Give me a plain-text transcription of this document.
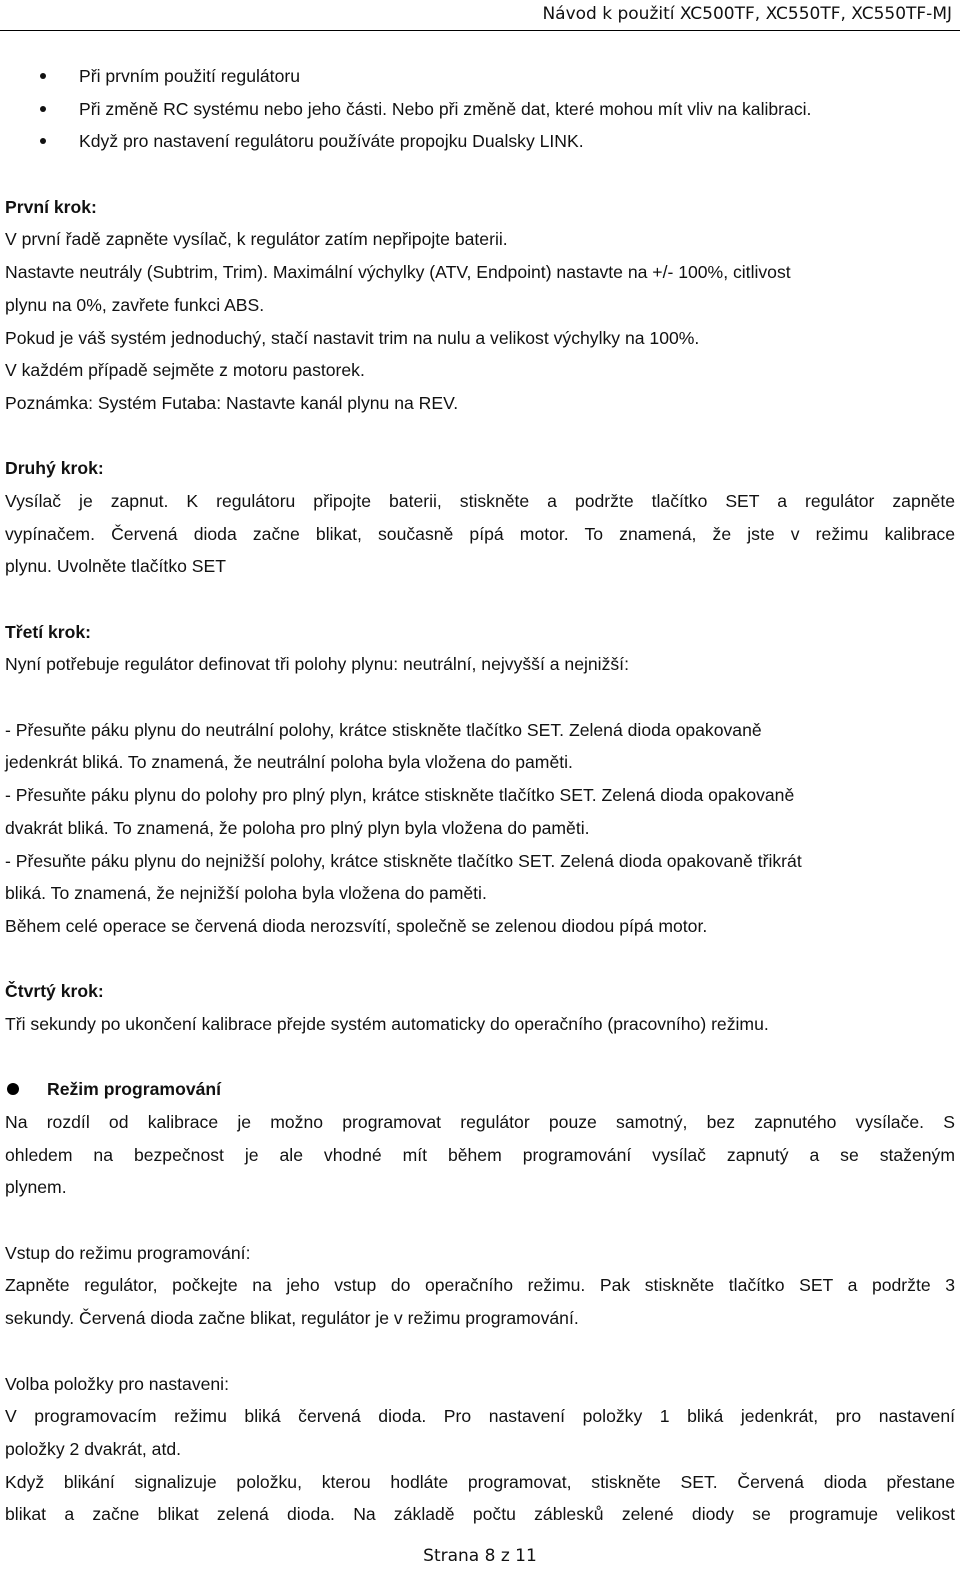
Návod k použití XC500TF, XC550TF, XC550TF-MJ
Při prvním použití regulátoru
Při změně RC systému nebo jeho části. Nebo při změně dat, které mohou mít vliv na kalibraci.
Když pro nastavení regulátoru používáte propojku Dualsky LINK.
První krok:
V první řadě zapněte vysílač, k regulátor zatím nepřipojte baterii.
Nastavte neutrály (Subtrim, Trim). Maximální výchylky (ATV, Endpoint) nastavte na +/- 100%, citlivost
plynu na 0%, zavřete funkci ABS.
Pokud je váš systém jednoduchý, stačí nastavit trim na nulu a velikost výchylky na 100%.
V každém případě sejměte z motoru pastorek.
Poznámka: Systém Futaba: Nastavte kanál plynu na REV.
Druhý krok:
Vysílač je zapnut. K regulátoru připojte baterii, stiskněte a podržte tlačítko SET a regulátor zapněte
vypínačem. Červená dioda začne blikat, současně pípá motor. To znamená, že jste v režimu kalibrace
plynu. Uvolněte tlačítko SET
Třetí krok:
Nyní potřebuje regulátor definovat tři polohy plynu: neutrální, nejvyšší a nejnižší:
- Přesuňte páku plynu do neutrální polohy, krátce stiskněte tlačítko SET. Zelená dioda opakovaně
jedenkrát bliká. To znamená, že neutrální poloha byla vložena do paměti.
- Přesuňte páku plynu do polohy pro plný plyn, krátce stiskněte tlačítko SET. Zelená dioda opakovaně
dvakrát bliká. To znamená, že poloha pro plný plyn byla vložena do paměti.
- Přesuňte páku plynu do nejnižší polohy, krátce stiskněte tlačítko SET. Zelená dioda opakovaně třikrát
bliká. To znamená, že nejnižší poloha byla vložena do paměti.
Během celé operace se červená dioda nerozsvítí, společně se zelenou diodou pípá motor.
Čtvrtý krok:
Tři sekundy po ukončení kalibrace přejde systém automaticky do operačního (pracovního) režimu.
Režim programování
Na rozdíl od kalibrace je možno programovat regulátor pouze samotný, bez zapnutého vysílače. S
ohledem na bezpečnost je ale vhodné mít během programování vysílač zapnutý a se staženým
plynem.
Vstup do režimu programování:
Zapněte regulátor, počkejte na jeho vstup do operačního režimu. Pak stiskněte tlačítko SET a podržte 3
sekundy. Červená dioda začne blikat, regulátor je v režimu programování.
Volba položky pro nastaveni:
V programovacím režimu bliká červená dioda. Pro nastavení položky 1 bliká jedenkrát, pro nastavení
položky 2 dvakrát, atd.
Když blikání signalizuje položku, kterou hodláte programovat, stiskněte SET. Červená dioda přestane
blikat a začne blikat zelená dioda. Na základě počtu záblesků zelené diody se programuje velikost
Strana 8 z 11
